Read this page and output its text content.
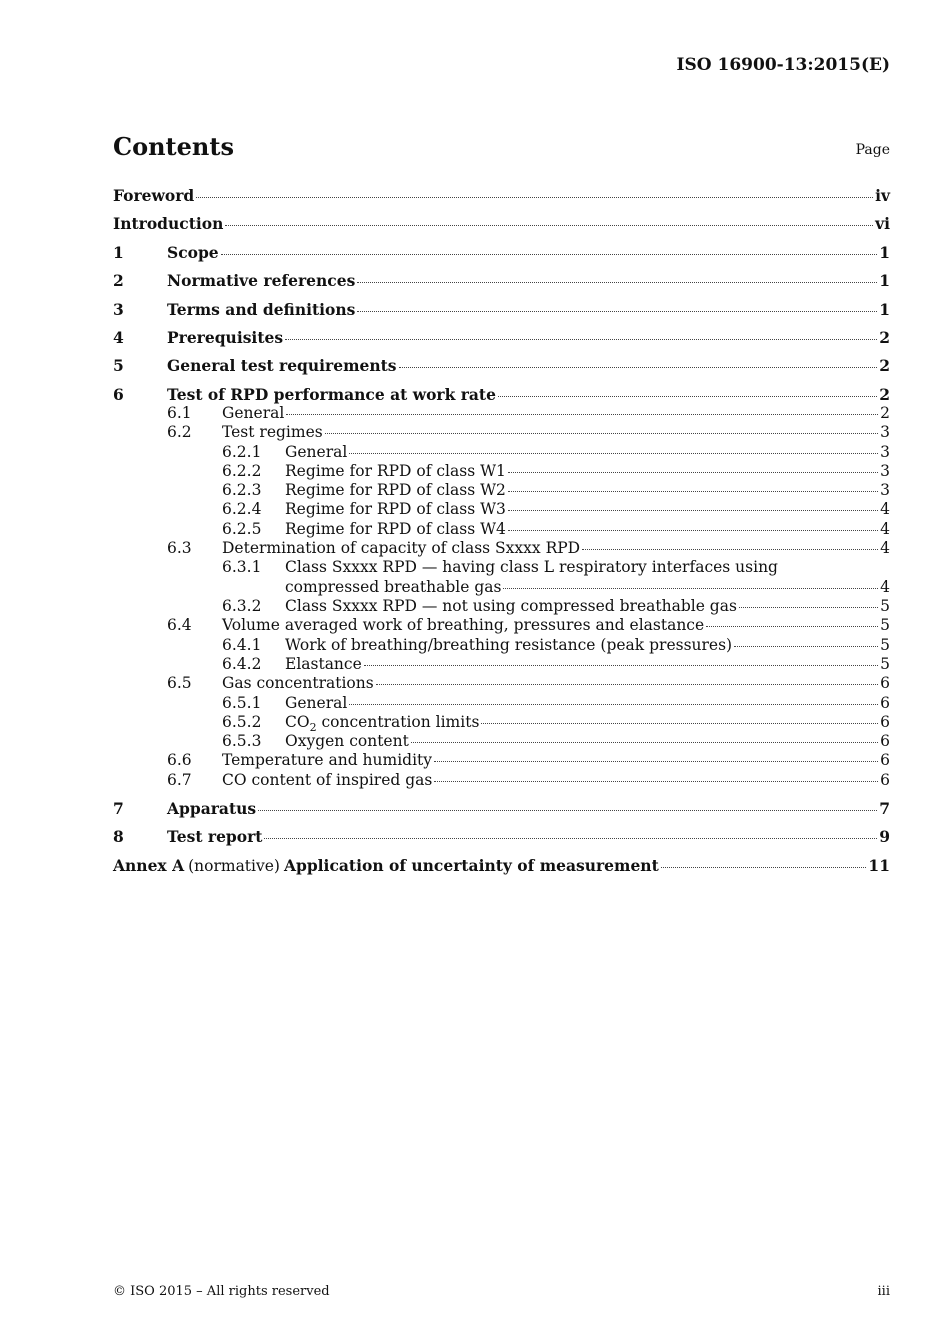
ISO 16900-13:2015(E)
Contents	Page
Foreword	iv
Introduction	vi
1	Scope	1
2	Normative references	1
3	Terms and definitions	1
4	Prerequisites	2
5	General test requirements	2
6	Test of RPD performance at work rate	2
6.1	General	2
6.2	Test regimes	3
6.2.1	General	3
6.2.2	Regime for RPD of class W1	3
6.2.3	Regime for RPD of class W2	3
6.2.4	Regime for RPD of class W3	4
6.2.5	Regime for RPD of class W4	4
6.3	Determination of capacity of class Sxxxx RPD	4
6.3.1	Class Sxxxx RPD — having class L respiratory interfaces using
compressed breathable gas	4
6.3.2	Class Sxxxx RPD — not using compressed breathable gas	5
6.4	Volume averaged work of breathing, pressures and elastance	5
6.4.1	Work of breathing/breathing resistance (peak pressures)	5
6.4.2	Elastance	5
6.5	Gas concentrations	6
6.5.1	General	6
6.5.2	$CO_2$ concentration limits	6
6.5.3	Oxygen content	6
6.6	Temperature and humidity	6
6.7	CO content of inspired gas	6
7	Apparatus	7
8	Test report	9
Annex A (normative) Application of uncertainty of measurement	11
© ISO 2015 – All rights reserved	iii
